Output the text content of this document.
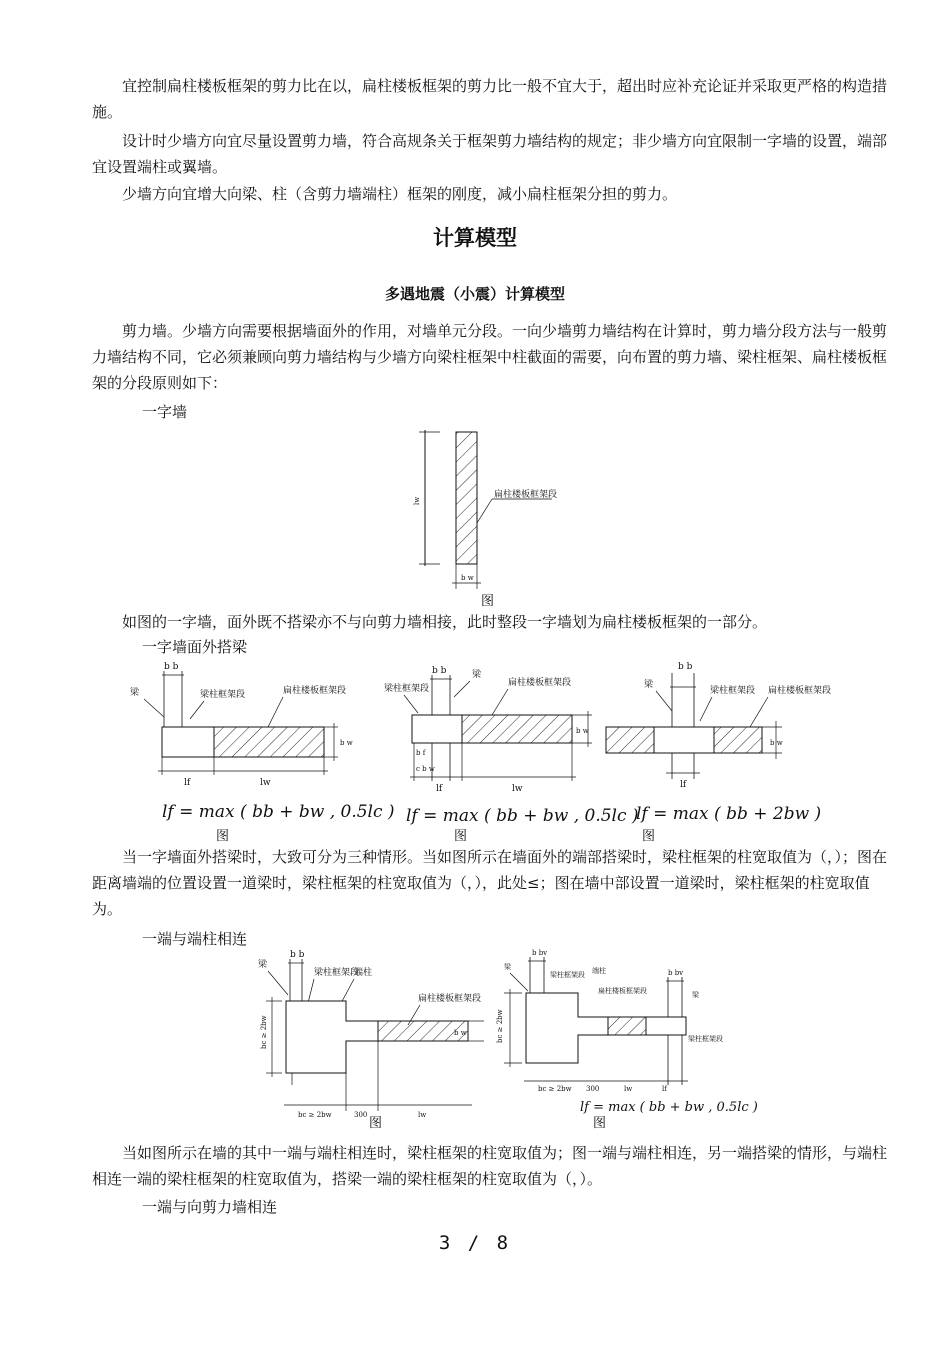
宜控制扁柱楼板框架的剪力比在以，扁柱楼板框架的剪力比一般不宜大于，超出时应补充论证并采取更严格的构造措施。

设计时少墙方向宜尽量设置剪力墙，符合高规条关于框架剪力墙结构的规定；非少墙方向宜限制一字墙的设置，端部宜设置端柱或翼墙。

少墙方向宜增大向梁、柱（含剪力墙端柱）框架的刚度，减小扁柱框架分担的剪力。

计算模型
多遇地震（小震）计算模型

剪力墙。少墙方向需要根据墙面外的作用，对墙单元分段。一向少墙剪力墙结构在计算时，剪力墙分段方法与一般剪力墙结构不同，它必须兼顾向剪力墙结构与少墙方向梁柱框架中柱截面的需要，向布置的剪力墙、梁柱框架、扁柱楼板框架的分段原则如下：

一字墙
b w
lw
扁柱楼板框架段
图

如图的一字墙，面外既不搭梁亦不与向剪力墙相接，此时整段一字墙划为扁柱楼板框架的一部分。

一字墙面外搭梁
b b
梁	梁柱框架段	扁柱楼板框架段
b w
lf	lw
lf = max ( bb + bw , 0.5lc )
图
b b
梁柱框架段
梁
扁柱楼板框架段
b w
b f
c b w
lf	lw
lf = max ( bb + bw , 0.5lc )
图
b b
梁
梁柱框架段 扁柱楼板框架段
b w
lf
lf = max ( bb + 2bw )
图

当一字墙面外搭梁时，大致可分为三种情形。当如图所示在墙面外的端部搭梁时，梁柱框架的柱宽取值为（，）；图在距离墙端的位置设置一道梁时，梁柱框架的柱宽取值为（，），此处≤；图在墙中部设置一道梁时，梁柱框架的柱宽取值为。

一端与端柱相连
b b
梁
梁柱框架段
端柱
扁柱楼板框架段
b w
bc ≥ 2bw
bc ≥ 2bw	300	lw
图
b bv
梁
梁柱框架段 端柱
扁柱楼板框架段
b bv
梁
梁柱框架段
bc ≥ 2bw
bc ≥ 2bw 300	lw	lf
lf = max ( bb + bw , 0.5lc )
图

当如图所示在墙的其中一端与端柱相连时，梁柱框架的柱宽取值为；图一端与端柱相连，另一端搭梁的情形，与端柱相连一端的梁柱框架的柱宽取值为，搭梁一端的梁柱框架的柱宽取值为（，）。

一端与向剪力墙相连
3 / 8
